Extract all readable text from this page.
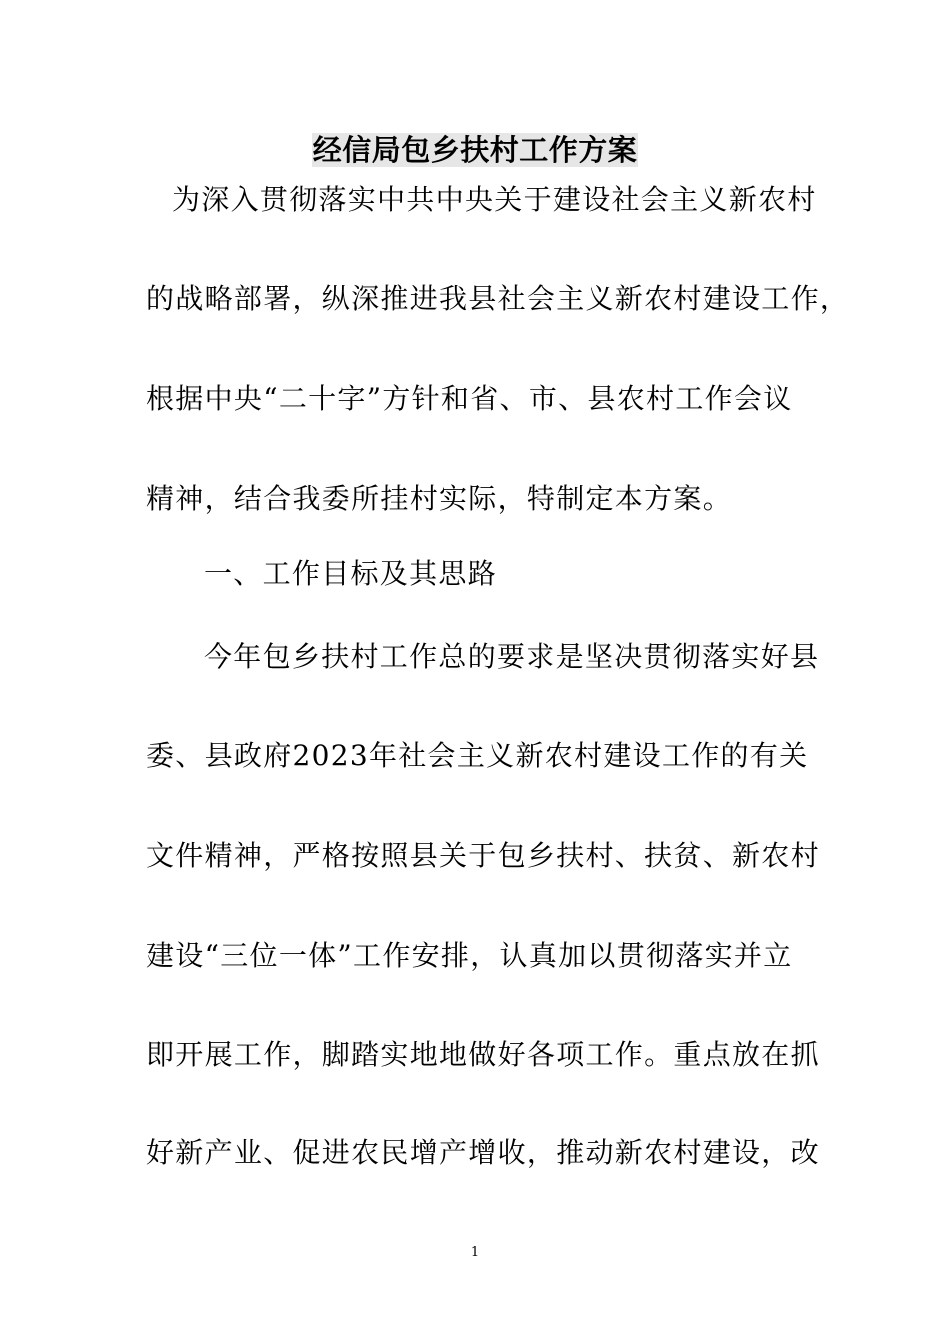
经信局包乡扶村工作方案
为深入贯彻落实中共中央关于建设社会主义新农村
的战略部署，纵深推进我县社会主义新农村建设工作，
根据中央“二十字”方针和省、市、县农村工作会议
精神，结合我委所挂村实际，特制定本方案。
一、工作目标及其思路
今年包乡扶村工作总的要求是坚决贯彻落实好县
委、县政府2023年社会主义新农村建设工作的有关
文件精神，严格按照县关于包乡扶村、扶贫、新农村
建设“三位一体”工作安排，认真加以贯彻落实并立
即开展工作，脚踏实地地做好各项工作。重点放在抓
好新产业、促进农民增产增收，推动新农村建设，改
1
